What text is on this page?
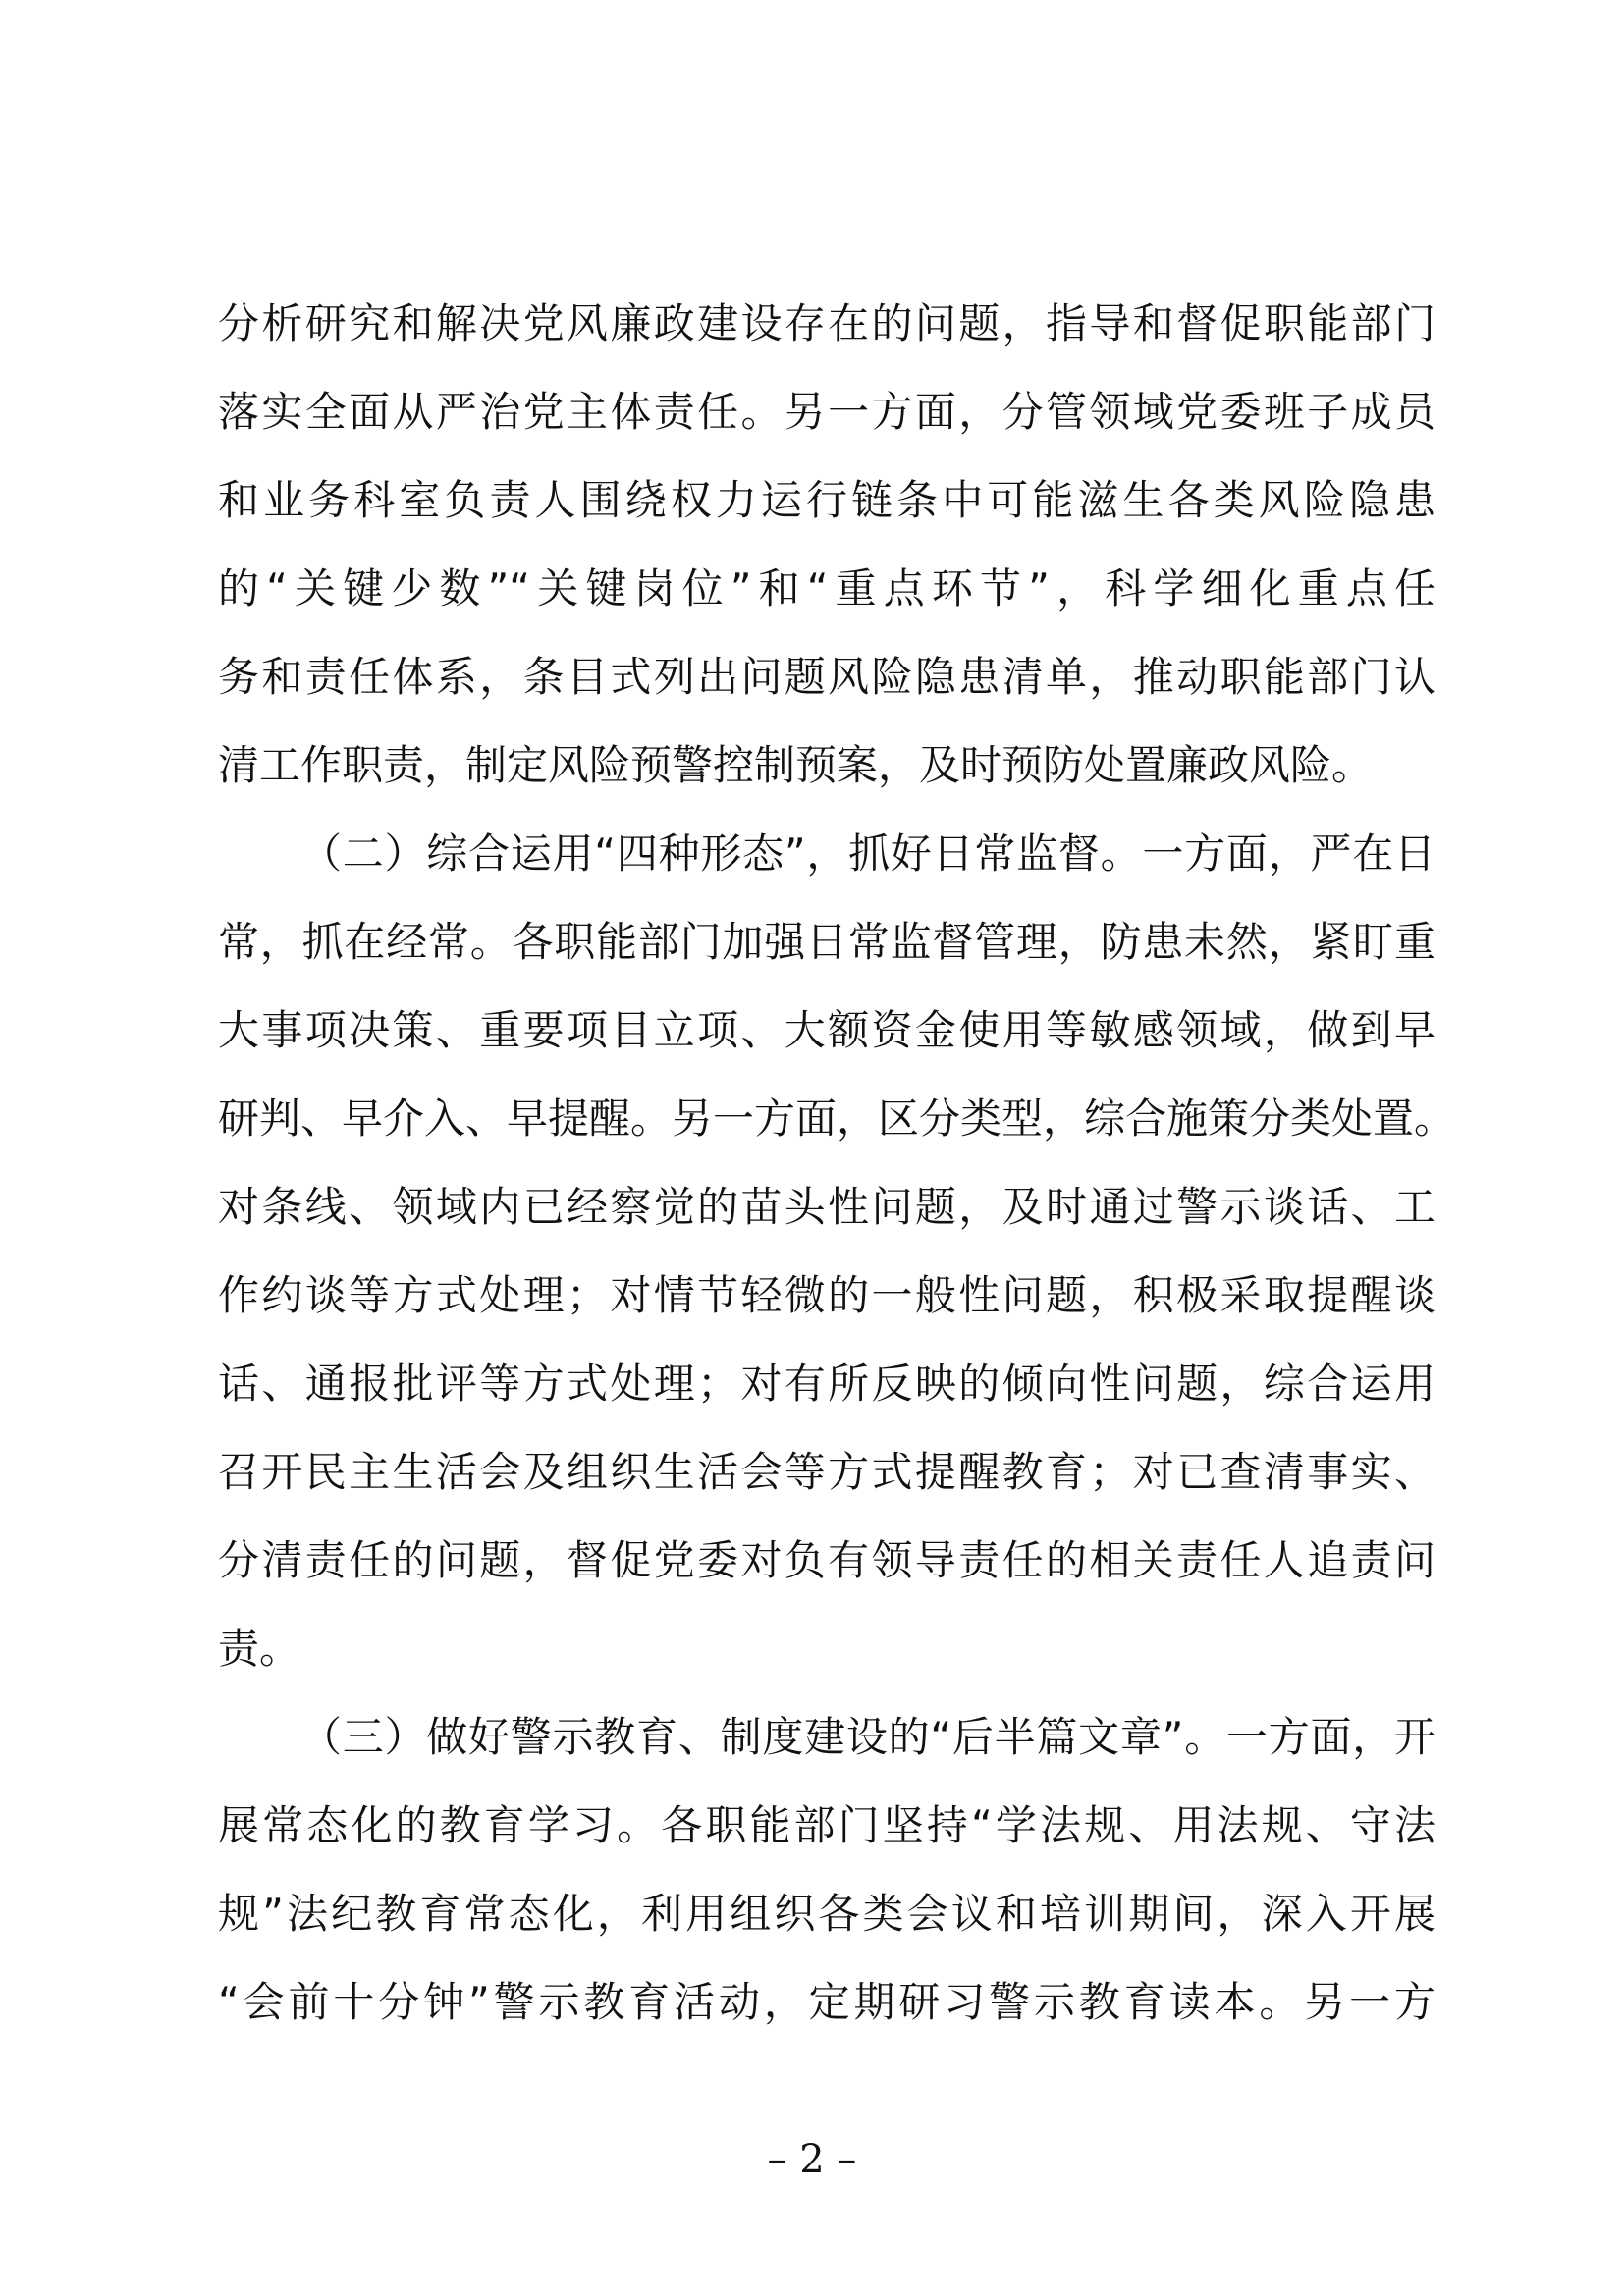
分析研究和解决党风廉政建设存在的问题，指导和督促职能部门
落实全面从严治党主体责任。另一方面，分管领域党委班子成员
和业务科室负责人围绕权力运行链条中可能滋生各类风险隐患
的“关键少数”“关键岗位”和“重点环节”，科学细化重点任
务和责任体系，条目式列出问题风险隐患清单，推动职能部门认
清工作职责，制定风险预警控制预案，及时预防处置廉政风险。
（二）综合运用“四种形态”，抓好日常监督。一方面，严在日
常，抓在经常。各职能部门加强日常监督管理，防患未然，紧盯重
大事项决策、重要项目立项、大额资金使用等敏感领域，做到早
研判、早介入、早提醒。另一方面，区分类型，综合施策分类处置。
对条线、领域内已经察觉的苗头性问题，及时通过警示谈话、工
作约谈等方式处理；对情节轻微的一般性问题，积极采取提醒谈
话、通报批评等方式处理；对有所反映的倾向性问题，综合运用
召开民主生活会及组织生活会等方式提醒教育；对已查清事实、
分清责任的问题，督促党委对负有领导责任的相关责任人追责问
责。
（三）做好警示教育、制度建设的“后半篇文章”。一方面，开
展常态化的教育学习。各职能部门坚持“学法规、用法规、守法
规”法纪教育常态化，利用组织各类会议和培训期间，深入开展
“会前十分钟”警示教育活动，定期研习警示教育读本。另一方
– 2 –
